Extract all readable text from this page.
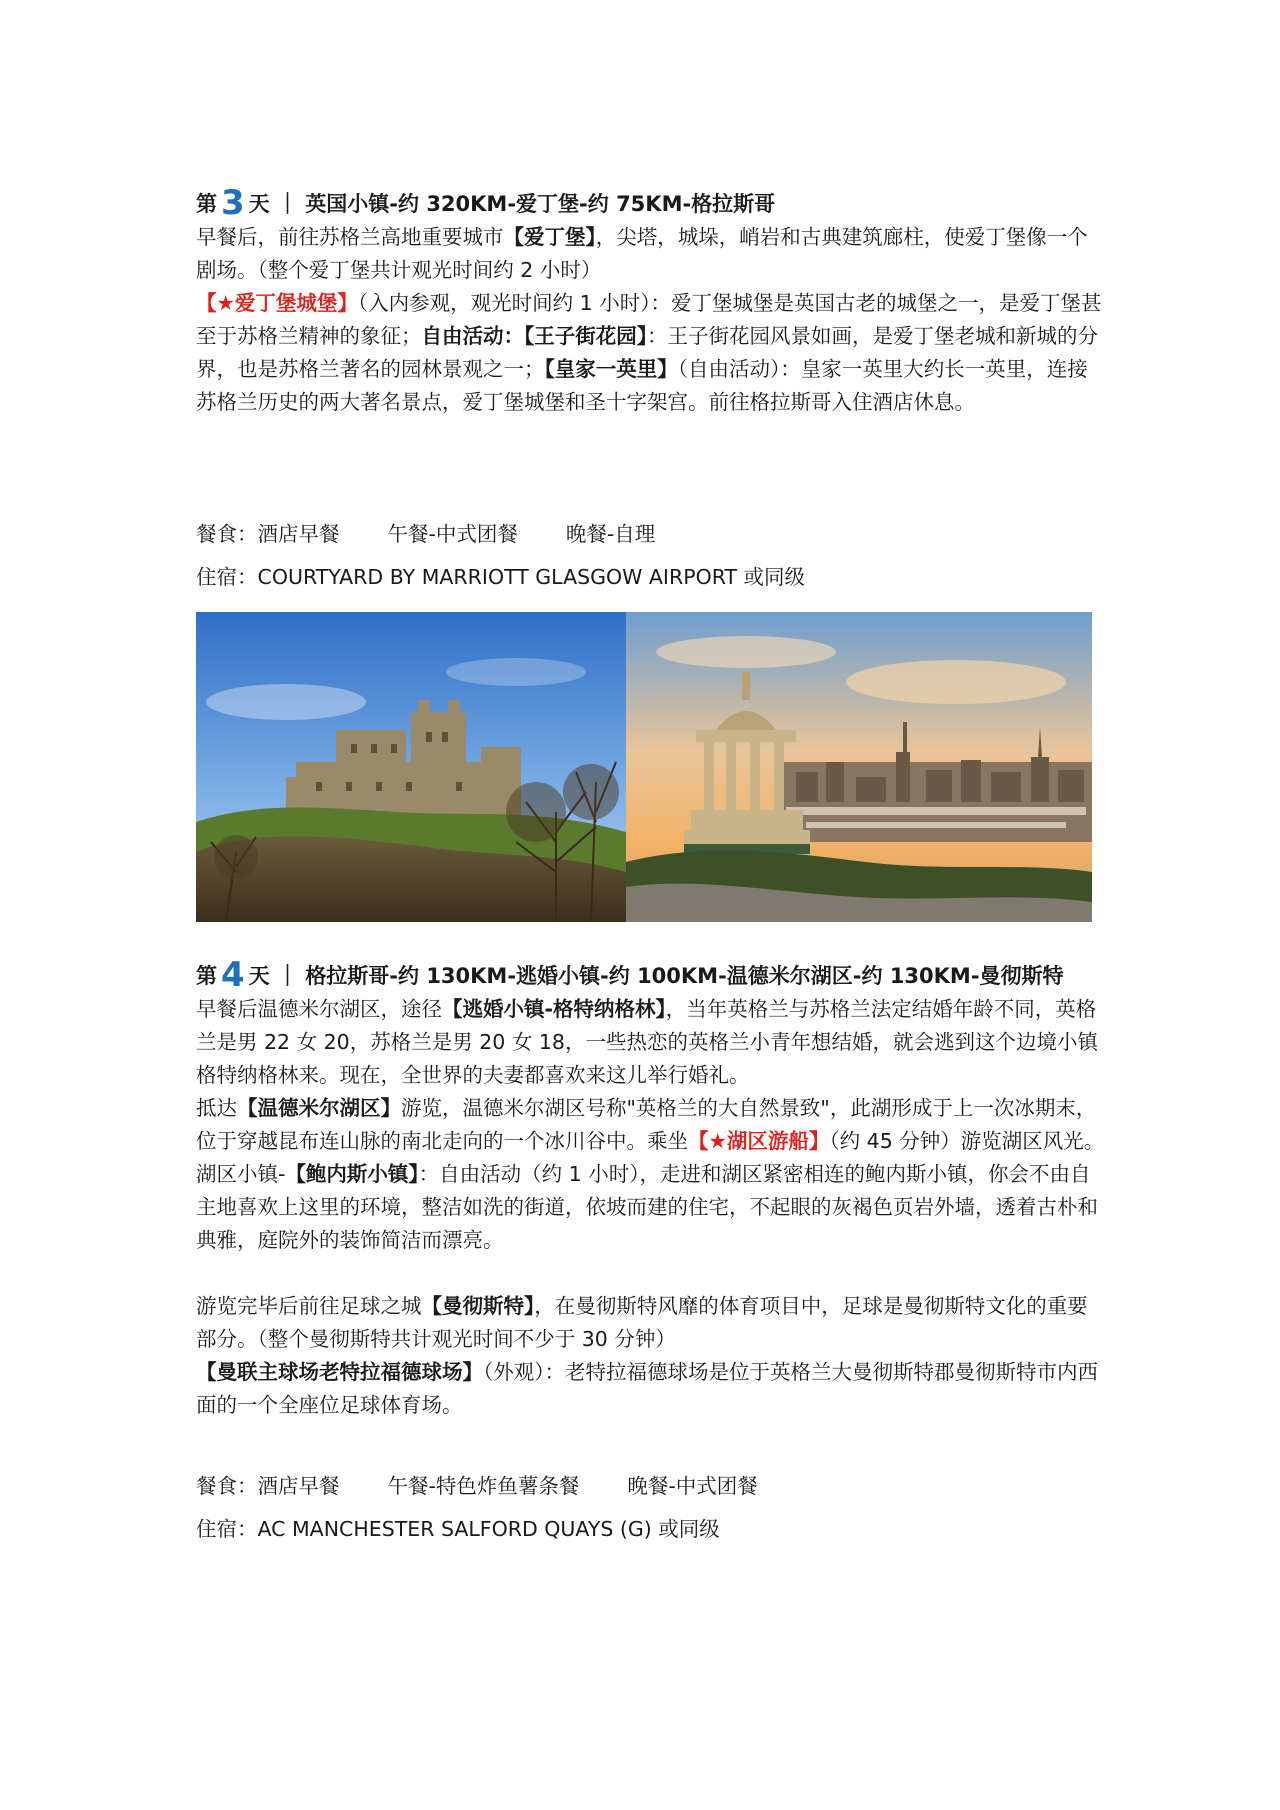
第 3 天 ｜ 英国小镇-约 320KM-爱丁堡-约 75KM-格拉斯哥

早餐后，前往苏格兰高地重要城市【爱丁堡】，尖塔，城垛，峭岩和古典建筑廊柱，使爱丁堡像一个剧场。（整个爱丁堡共计观光时间约 2 小时）

【★爱丁堡城堡】（入内参观，观光时间约 1 小时）：爱丁堡城堡是英国古老的城堡之一，是爱丁堡甚至于苏格兰精神的象征；自由活动：【王子街花园】：王子街花园风景如画，是爱丁堡老城和新城的分界，也是苏格兰著名的园林景观之一；【皇家一英里】（自由活动）：皇家一英里大约长一英里，连接苏格兰历史的两大著名景点，爱丁堡城堡和圣十字架宫。前往格拉斯哥入住酒店休息。

餐食：酒店早餐 午餐-中式团餐 晚餐-自理

住宿：COURTYARD BY MARRIOTT GLASGOW AIRPORT 或同级

第 4 天 ｜ 格拉斯哥-约 130KM-逃婚小镇-约 100KM-温德米尔湖区-约 130KM-曼彻斯特

早餐后温德米尔湖区，途径【逃婚小镇-格特纳格林】，当年英格兰与苏格兰法定结婚年龄不同，英格兰是男 22 女 20，苏格兰是男 20 女 18，一些热恋的英格兰小青年想结婚，就会逃到这个边境小镇格特纳格林来。现在，全世界的夫妻都喜欢来这儿举行婚礼。

抵达【温德米尔湖区】游览，温德米尔湖区号称"英格兰的大自然景致"，此湖形成于上一次冰期末，位于穿越昆布连山脉的南北走向的一个冰川谷中。乘坐【★湖区游船】（约 45 分钟）游览湖区风光。湖区小镇-【鲍内斯小镇】：自由活动（约 1 小时），走进和湖区紧密相连的鲍内斯小镇，你会不由自主地喜欢上这里的环境，整洁如洗的街道，依坡而建的住宅，不起眼的灰褐色页岩外墙，透着古朴和典雅，庭院外的装饰简洁而漂亮。

游览完毕后前往足球之城【曼彻斯特】，在曼彻斯特风靡的体育项目中，足球是曼彻斯特文化的重要部分。（整个曼彻斯特共计观光时间不少于 30 分钟）

【曼联主球场老特拉福德球场】（外观）：老特拉福德球场是位于英格兰大曼彻斯特郡曼彻斯特市内西面的一个全座位足球体育场。

餐食：酒店早餐 午餐-特色炸鱼薯条餐 晚餐-中式团餐

住宿：AC MANCHESTER SALFORD QUAYS (G) 或同级
